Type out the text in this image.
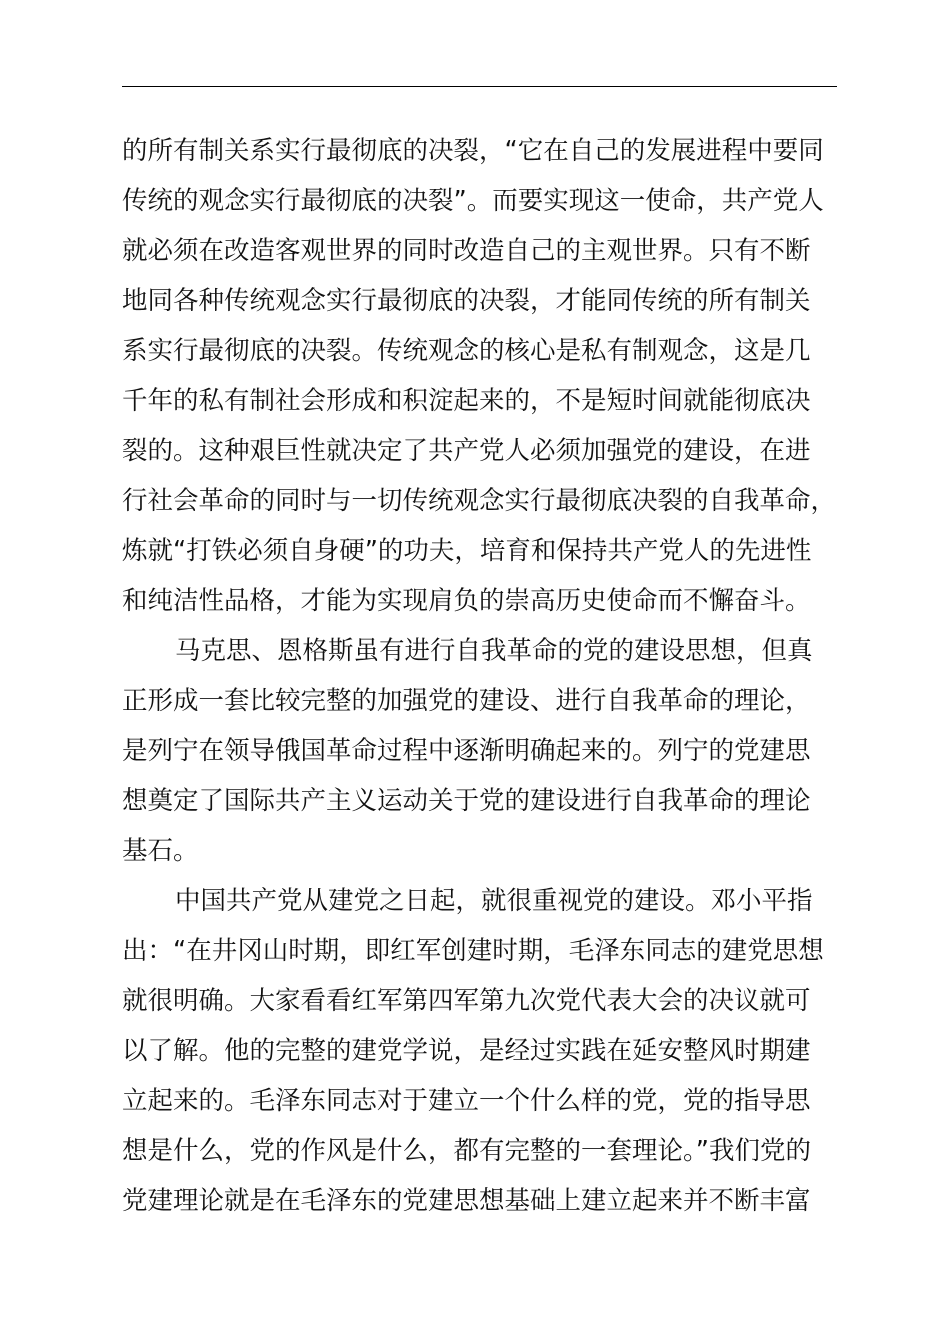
的所有制关系实行最彻底的决裂，“它在自己的发展进程中要同
传统的观念实行最彻底的决裂”。而要实现这一使命，共产党人
就必须在改造客观世界的同时改造自己的主观世界。只有不断
地同各种传统观念实行最彻底的决裂，才能同传统的所有制关
系实行最彻底的决裂。传统观念的核心是私有制观念，这是几
千年的私有制社会形成和积淀起来的，不是短时间就能彻底决
裂的。这种艰巨性就决定了共产党人必须加强党的建设，在进
行社会革命的同时与一切传统观念实行最彻底决裂的自我革命，
炼就“打铁必须自身硬”的功夫，培育和保持共产党人的先进性
和纯洁性品格，才能为实现肩负的崇高历史使命而不懈奋斗。
马克思、恩格斯虽有进行自我革命的党的建设思想，但真
正形成一套比较完整的加强党的建设、进行自我革命的理论，
是列宁在领导俄国革命过程中逐渐明确起来的。列宁的党建思
想奠定了国际共产主义运动关于党的建设进行自我革命的理论
基石。
中国共产党从建党之日起，就很重视党的建设。邓小平指
出：“在井冈山时期，即红军创建时期，毛泽东同志的建党思想
就很明确。大家看看红军第四军第九次党代表大会的决议就可
以了解。他的完整的建党学说，是经过实践在延安整风时期建
立起来的。毛泽东同志对于建立一个什么样的党，党的指导思
想是什么，党的作风是什么，都有完整的一套理论。”我们党的
党建理论就是在毛泽东的党建思想基础上建立起来并不断丰富
